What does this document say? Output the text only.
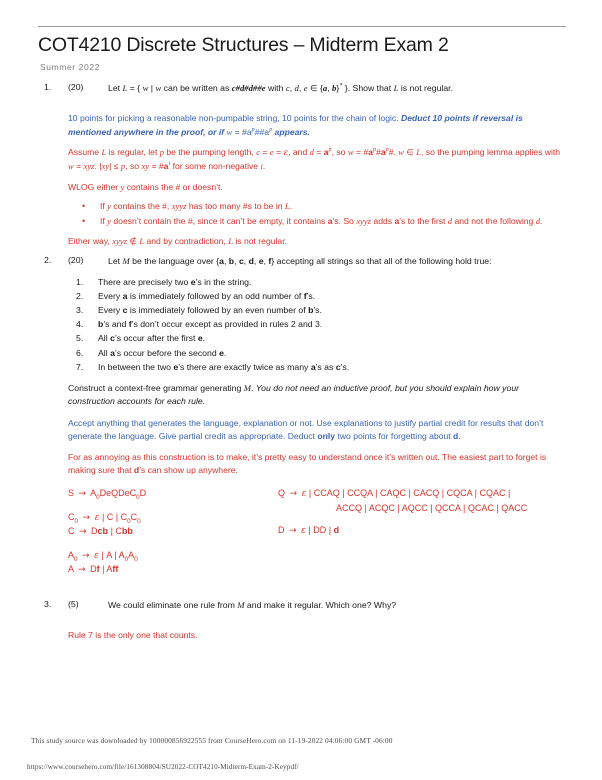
COT4210 Discrete Structures – Midterm Exam 2
Summer 2022
1. (20)	Let L = { w | w can be written as c#d#d##e with c, d, e ∈ {a, b}* }. Show that L is not regular.
10 points for picking a reasonable non-pumpable string, 10 points for the chain of logic. Deduct 10 points if reversal is mentioned anywhere in the proof, or if $w = \#a^p\#\#a^p$ appears.
Assume L is regular, let p be the pumping length, c = e = ε, and $d = a^p$, so $w = \#a^p\#a^p\#$. w ∈ L, so the pumping lemma applies with w = xyz. |xy| ≤ p, so xy = $\#a^i$ for some non-negative i.
WLOG either y contains the # or doesn’t.
• If y contains the #, xyyz has too many #s to be in L.
• If y doesn’t contain the #, since it can’t be empty, it contains a’s. So xyyz adds a’s to the first d and not the following d.
Either way, xyyz ∉ L and by contradiction, L is not regular.
2. (20)	Let M be the language over {a, b, c, d, e, f} accepting all strings so that all of the following hold true:
1. There are precisely two e’s in the string.
2. Every a is immediately followed by an odd number of f’s.
3. Every c is immediately followed by an even number of b’s.
4. b’s and f’s don’t occur except as provided in rules 2 and 3.
5. All c’s occur after the first e.
6. All a’s occur before the second e.
7. In between the two e’s there are exactly twice as many a’s as c’s.
Construct a context-free grammar generating M. You do not need an inductive proof, but you should explain how your construction accounts for each rule.
Accept anything that generates the language, explanation or not. Use explanations to justify partial credit for results that don’t generate the language. Give partial credit as appropriate. Deduct only two points for forgetting about d.
For as annoying as this construction is to make, it’s pretty easy to understand once it’s written out. The easiest part to forget is making sure that d’s can show up anywhere.
$S \to A_0DeQDeC_0D$
$C_0 \to \varepsilon$ | C | $C_0C_0$
C → Dcb | Cbb
$A_0 \to \varepsilon$ | A | $A_0A_0$
A → Df | Aff
Q → ε | CCAQ | CCQA | CAQC | CACQ | CQCA | CQAC |
ACCQ | ACQC | AQCC | QCCA | QCAC | QACC
D → ε | DD | d
3. (5)	We could eliminate one rule from M and make it regular. Which one? Why?
Rule 7 is the only one that counts.
This study source was downloaded by 100000856922555 from CourseHero.com on 11-19-2022 04:06:00 GMT -06:00
https://www.coursehero.com/file/161308804/SU2022-COT4210-Midterm-Exam-2-Keypdf/
